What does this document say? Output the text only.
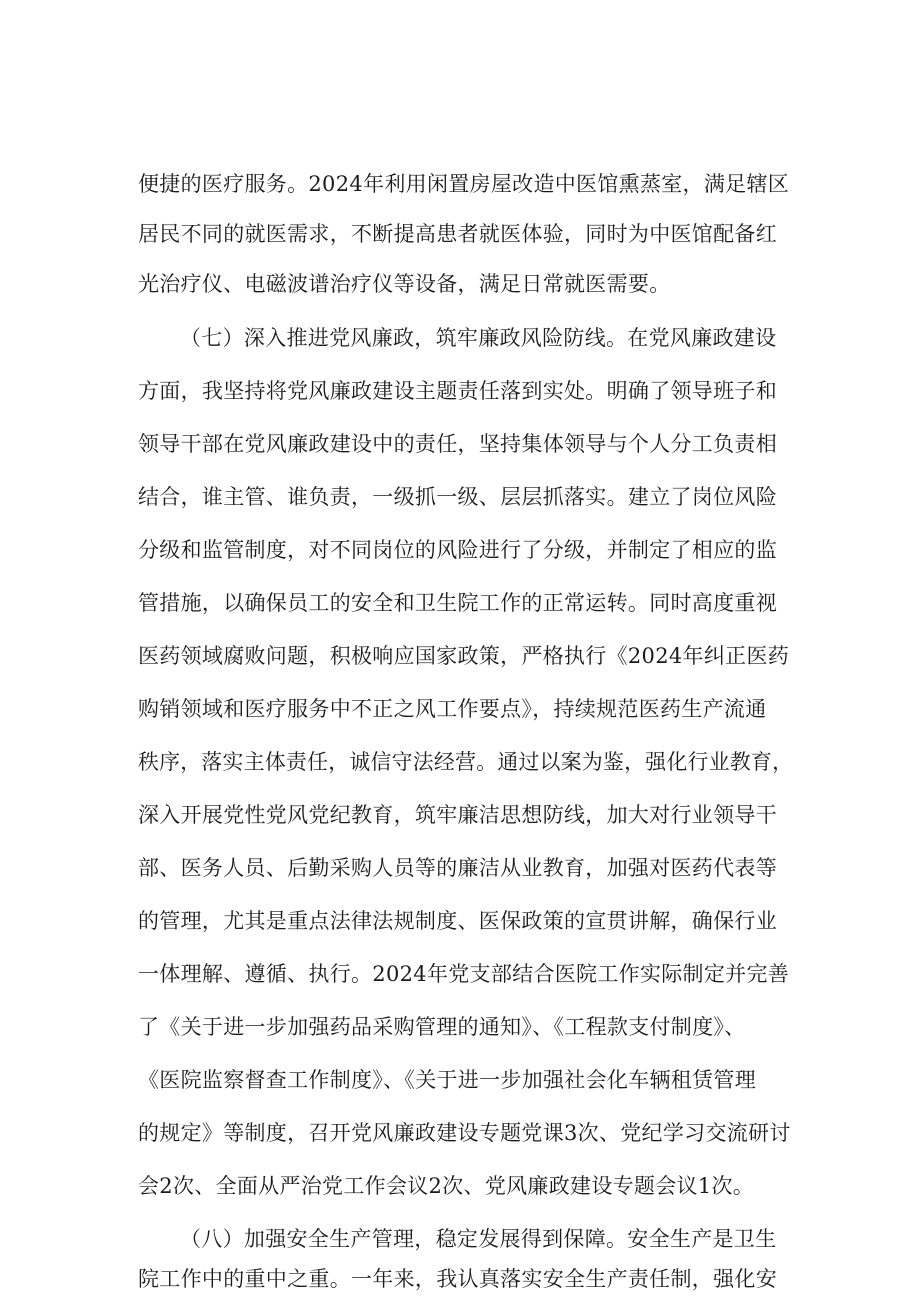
便捷的医疗服务。2024年利用闲置房屋改造中医馆熏蒸室，满足辖区
居民不同的就医需求，不断提高患者就医体验，同时为中医馆配备红
光治疗仪、电磁波谱治疗仪等设备，满足日常就医需要。
（七）深入推进党风廉政，筑牢廉政风险防线。在党风廉政建设
方面，我坚持将党风廉政建设主题责任落到实处。明确了领导班子和
领导干部在党风廉政建设中的责任，坚持集体领导与个人分工负责相
结合，谁主管、谁负责，一级抓一级、层层抓落实。建立了岗位风险
分级和监管制度，对不同岗位的风险进行了分级，并制定了相应的监
管措施，以确保员工的安全和卫生院工作的正常运转。同时高度重视
医药领域腐败问题，积极响应国家政策，严格执行《2024年纠正医药
购销领域和医疗服务中不正之风工作要点》，持续规范医药生产流通
秩序，落实主体责任，诚信守法经营。通过以案为鉴，强化行业教育，
深入开展党性党风党纪教育，筑牢廉洁思想防线，加大对行业领导干
部、医务人员、后勤采购人员等的廉洁从业教育，加强对医药代表等
的管理，尤其是重点法律法规制度、医保政策的宣贯讲解，确保行业
一体理解、遵循、执行。2024年党支部结合医院工作实际制定并完善
了《关于进一步加强药品采购管理的通知》、《工程款支付制度》、
《医院监察督查工作制度》、《关于进一步加强社会化车辆租赁管理
的规定》等制度，召开党风廉政建设专题党课3次、党纪学习交流研讨
会2次、全面从严治党工作会议2次、党风廉政建设专题会议1次。
（八）加强安全生产管理，稳定发展得到保障。安全生产是卫生
院工作中的重中之重。一年来，我认真落实安全生产责任制，强化安
